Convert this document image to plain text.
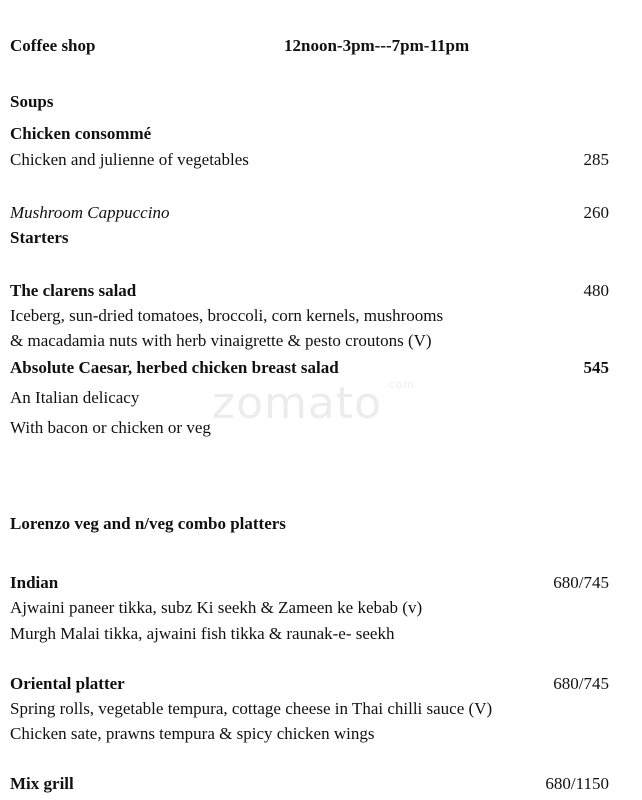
Coffee shop	12noon-3pm---7pm-11pm
Soups
Chicken consommé
Chicken and julienne of vegetables	285
Mushroom Cappuccino	260
Starters
The clarens salad	480
Iceberg, sun-dried tomatoes, broccoli, corn kernels, mushrooms
& macadamia nuts with herb vinaigrette & pesto croutons (V)
Absolute Caesar, herbed chicken breast salad	545
An Italian delicacy
With bacon or chicken or veg
Lorenzo veg and n/veg combo platters
Indian	680/745
Ajwaini paneer tikka, subz Ki seekh & Zameen ke kebab (v)
Murgh Malai tikka, ajwaini fish tikka & raunak-e- seekh
Oriental platter	680/745
Spring rolls, vegetable tempura, cottage cheese in Thai chilli sauce (V)
Chicken sate, prawns tempura & spicy chicken wings
Mix grill	680/1150
zomato $^{.com}$
